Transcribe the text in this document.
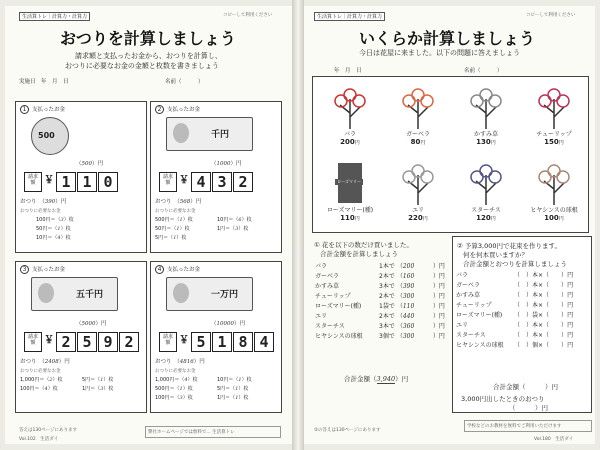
生活算トレ｜計算力・計算力	コピーして利用ください
おつりを計算しましょう
請求額と支払ったお金から、おつりを計算し、
おつりに必要なお金の金額と枚数を書きましょう
実施日　年　月　日	名前（　　　）
1 支払ったお金
500
（500）円
請求額 ￥ 1 1 0
おつり　（390）円
おつりに必要なお金
100円＝（3）枚
50円＝（1）枚
10円＝（4）枚
2 支払ったお金
千円
（1000）円
請求額 ￥ 4 3 2
おつり　（568）円
おつりに必要なお金
500円＝（1）枚	10円＝（6）枚
50円＝（1）枚	1円＝（3）枚
5円＝（1）枚
3 支払ったお金
五千円
（5000）円
請求額 ￥ 2 5 9 2
おつり　（2408）円
おつりに必要なお金
1,000円＝（2）枚	5円＝（1）枚
100円＝（4）枚	1円＝（3）枚
4 支払ったお金
一万円
（10000）円
請求額 ￥ 5 1 8 4
おつり　（4816）円
おつりに必要なお金
1,000円＝（4）枚	10円＝（1）枚
500円＝（1）枚	5円＝（1）枚
100円＝（3）枚	1円＝（1）枚
答えは130ページにあります
Vol.102　生活ダイ
弊社ホームページでは無料で... 生活算トレ
生活算トレ｜計算力・計算力	コピーして利用ください
いくらか計算しましょう
今日は花屋に来ました。以下の問題に答えましょう
年　月　日	名前（　　　）
バラ
200円
ガーベラ
80円
かすみ草
130円
チューリップ
150円
ローズマリー
ローズマリー(種)
110円
ユリ
220円
スターチス
120円
ヒヤシンスの球根
100円
① 花を以下の数だけ買いました。
合計金額を計算しましょう
バラ	1本で	（200 ）円
ガーベラ	2本で	（160 ）円
かすみ草	3本で	（390 ）円
チューリップ	2本で	（300 ）円
ローズマリー(種)	1袋で	（110 ）円
ユリ	2本で	（440 ）円
スターチス	3本で	（360 ）円
ヒヤシンスの球根	3個で	（300 ）円
合計金額（3,940）円
② 予算3,000円で花束を作ります。
何を何本買いますか？
合計金額とおつりを計算しましょう
バラ	（　）本×（　　）円
ガーベラ	（　）本×（　　）円
かすみ草	（　）本×（　　）円
チューリップ	（　）本×（　　）円
ローズマリー(種)	（　）袋×（　　）円
ユリ	（　）本×（　　）円
スターチス	（　）本×（　　）円
ヒヤシンスの球根	（　）個×（　　）円
合計金額（　　　）円
3,000円出したときのおつり
（　　　）円
②の答えは130ページにあります
学校などのお教材を無料でご利用いただけます
Vol.180　生活ダイ
